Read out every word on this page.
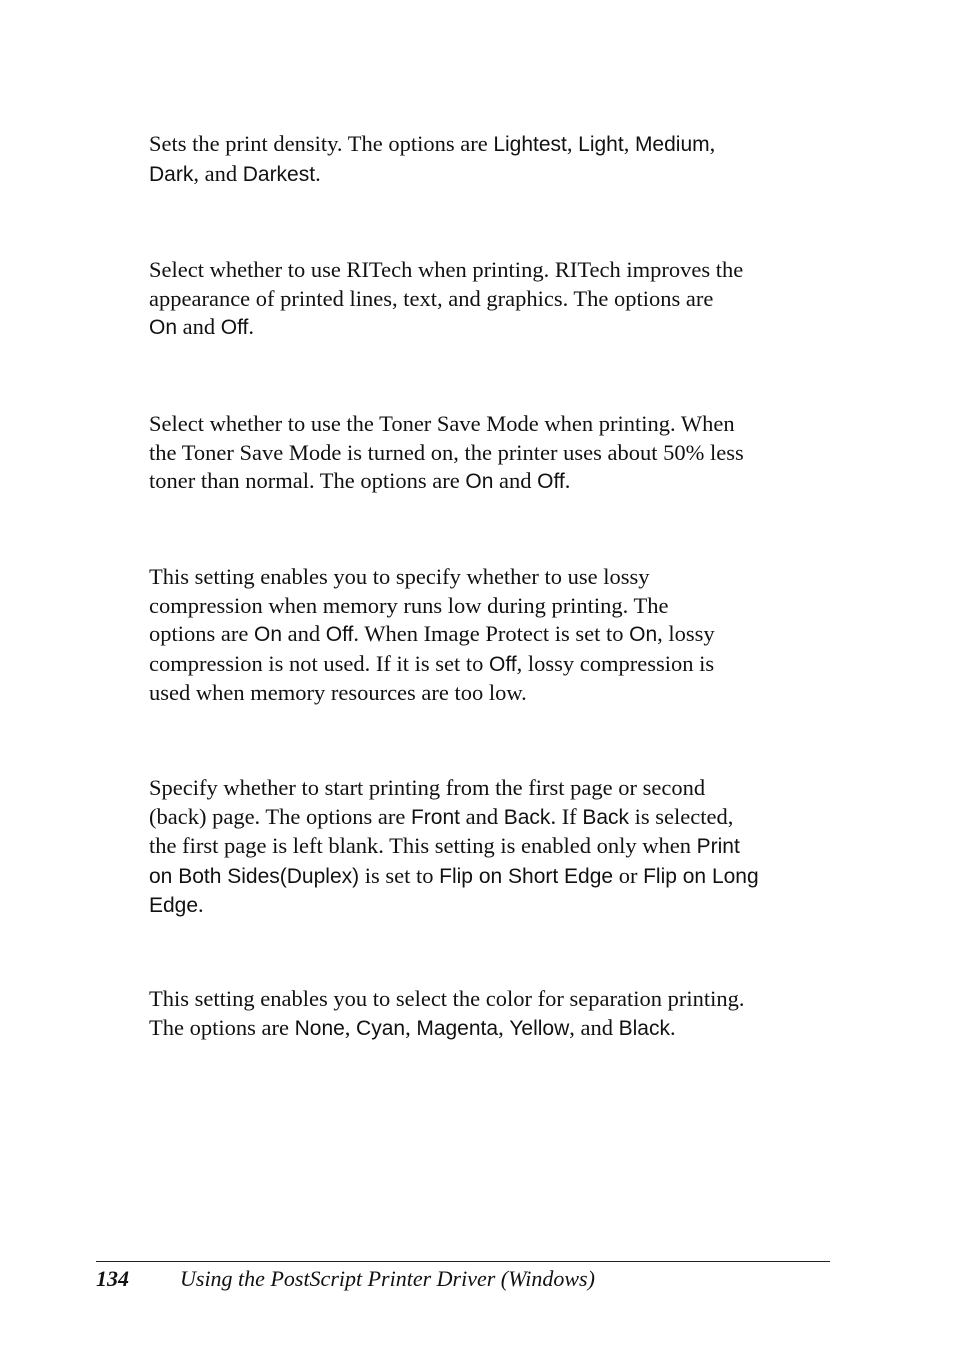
Sets the print density. The options are Lightest, Light, Medium,
Dark, and Darkest.

Select whether to use RITech when printing. RITech improves the
appearance of printed lines, text, and graphics. The options are
On and Off.

Select whether to use the Toner Save Mode when printing. When
the Toner Save Mode is turned on, the printer uses about 50% less
toner than normal. The options are On and Off.

This setting enables you to specify whether to use lossy
compression when memory runs low during printing. The
options are On and Off. When Image Protect is set to On, lossy
compression is not used. If it is set to Off, lossy compression is
used when memory resources are too low.

Specify whether to start printing from the first page or second
(back) page. The options are Front and Back. If Back is selected,
the first page is left blank. This setting is enabled only when Print
on Both Sides(Duplex) is set to Flip on Short Edge or Flip on Long
Edge.

This setting enables you to select the color for separation printing.
The options are None, Cyan, Magenta, Yellow, and Black.

134 Using the PostScript Printer Driver (Windows)
